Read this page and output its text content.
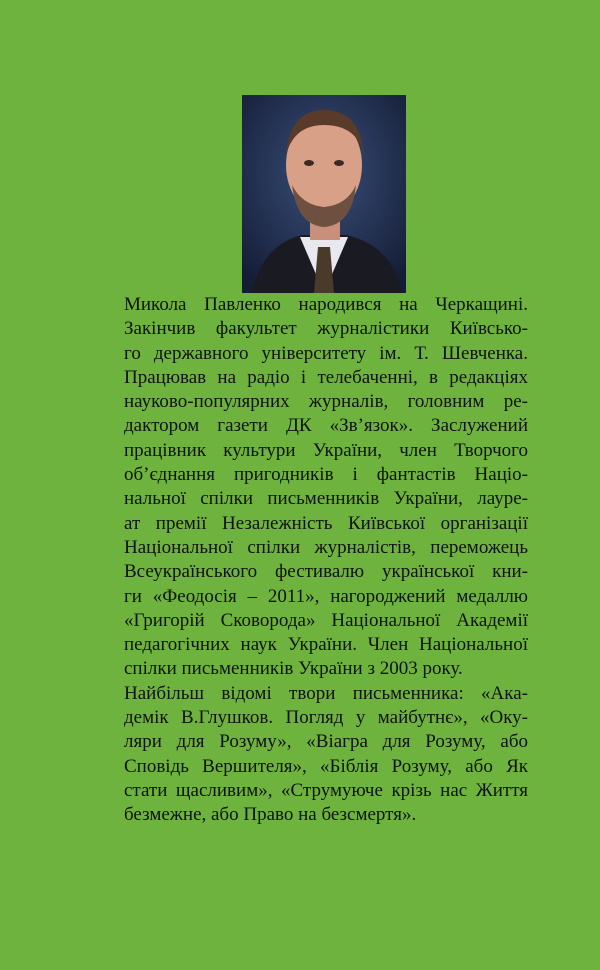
Микола Павленко народився на Черкащині.
Закінчив факультет журналістики Київсько-
го державного університету ім. Т. Шевченка.
Працював на радіо і телебаченні, в редакціях
науково-популярних журналів, головним ре-
дактором газети ДК «Зв’язок». Заслужений
працівник культури України, член Творчого
об’єднання пригодників і фантастів Націо-
нальної спілки письменників України, лауре-
ат премії Незалежність Київської організації
Національної спілки журналістів, переможець
Всеукраїнського фестивалю української кни-
ги «Феодосія – 2011», нагороджений медаллю
«Григорій Сковорода» Національної Академії
педагогічних наук України. Член Національної
спілки письменників України з 2003 року.
Найбільш відомі твори письменника: «Ака-
демік В.Глушков. Погляд у майбутнє», «Оку-
ляри для Розуму», «Віагра для Розуму, або
Сповідь Вершителя», «Біблія Розуму, або Як
стати щасливим», «Струмуюче крізь нас Життя
безмежне, або Право на безсмертя».
